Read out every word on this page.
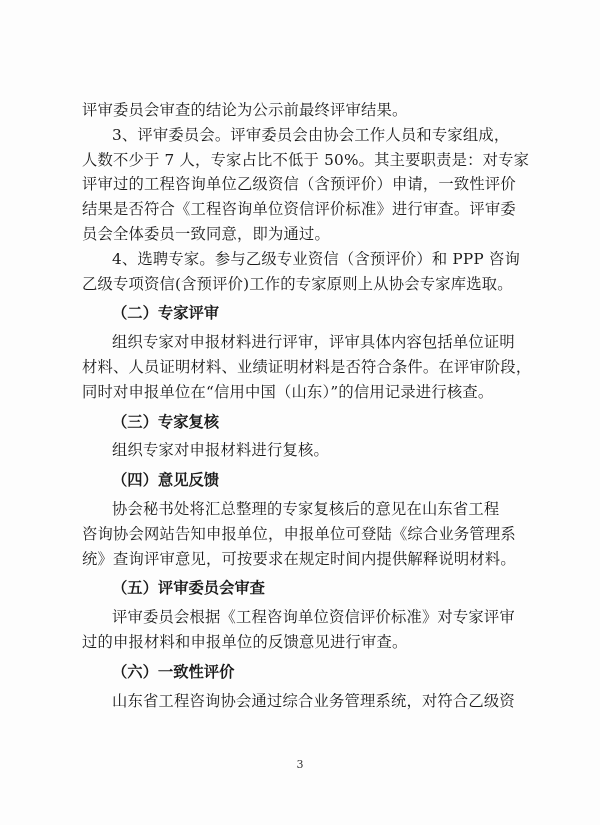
评审委员会审查的结论为公示前最终评审结果。

3、评审委员会。评审委员会由协会工作人员和专家组成，
人数不少于 7 人，专家占比不低于 50%。其主要职责是：对专家
评审过的工程咨询单位乙级资信（含预评价）申请，一致性评价
结果是否符合《工程咨询单位资信评价标准》进行审查。评审委
员会全体委员一致同意，即为通过。

4、选聘专家。参与乙级专业资信（含预评价）和 PPP 咨询
乙级专项资信(含预评价)工作的专家原则上从协会专家库选取。

（二）专家评审

组织专家对申报材料进行评审，评审具体内容包括单位证明
材料、人员证明材料、业绩证明材料是否符合条件。在评审阶段，
同时对申报单位在“信用中国（山东）”的信用记录进行核查。

（三）专家复核

组织专家对申报材料进行复核。

（四）意见反馈

协会秘书处将汇总整理的专家复核后的意见在山东省工程
咨询协会网站告知申报单位，申报单位可登陆《综合业务管理系
统》查询评审意见，可按要求在规定时间内提供解释说明材料。

（五）评审委员会审查

评审委员会根据《工程咨询单位资信评价标准》对专家评审
过的申报材料和申报单位的反馈意见进行审查。

（六）一致性评价

山东省工程咨询协会通过综合业务管理系统，对符合乙级资

3
